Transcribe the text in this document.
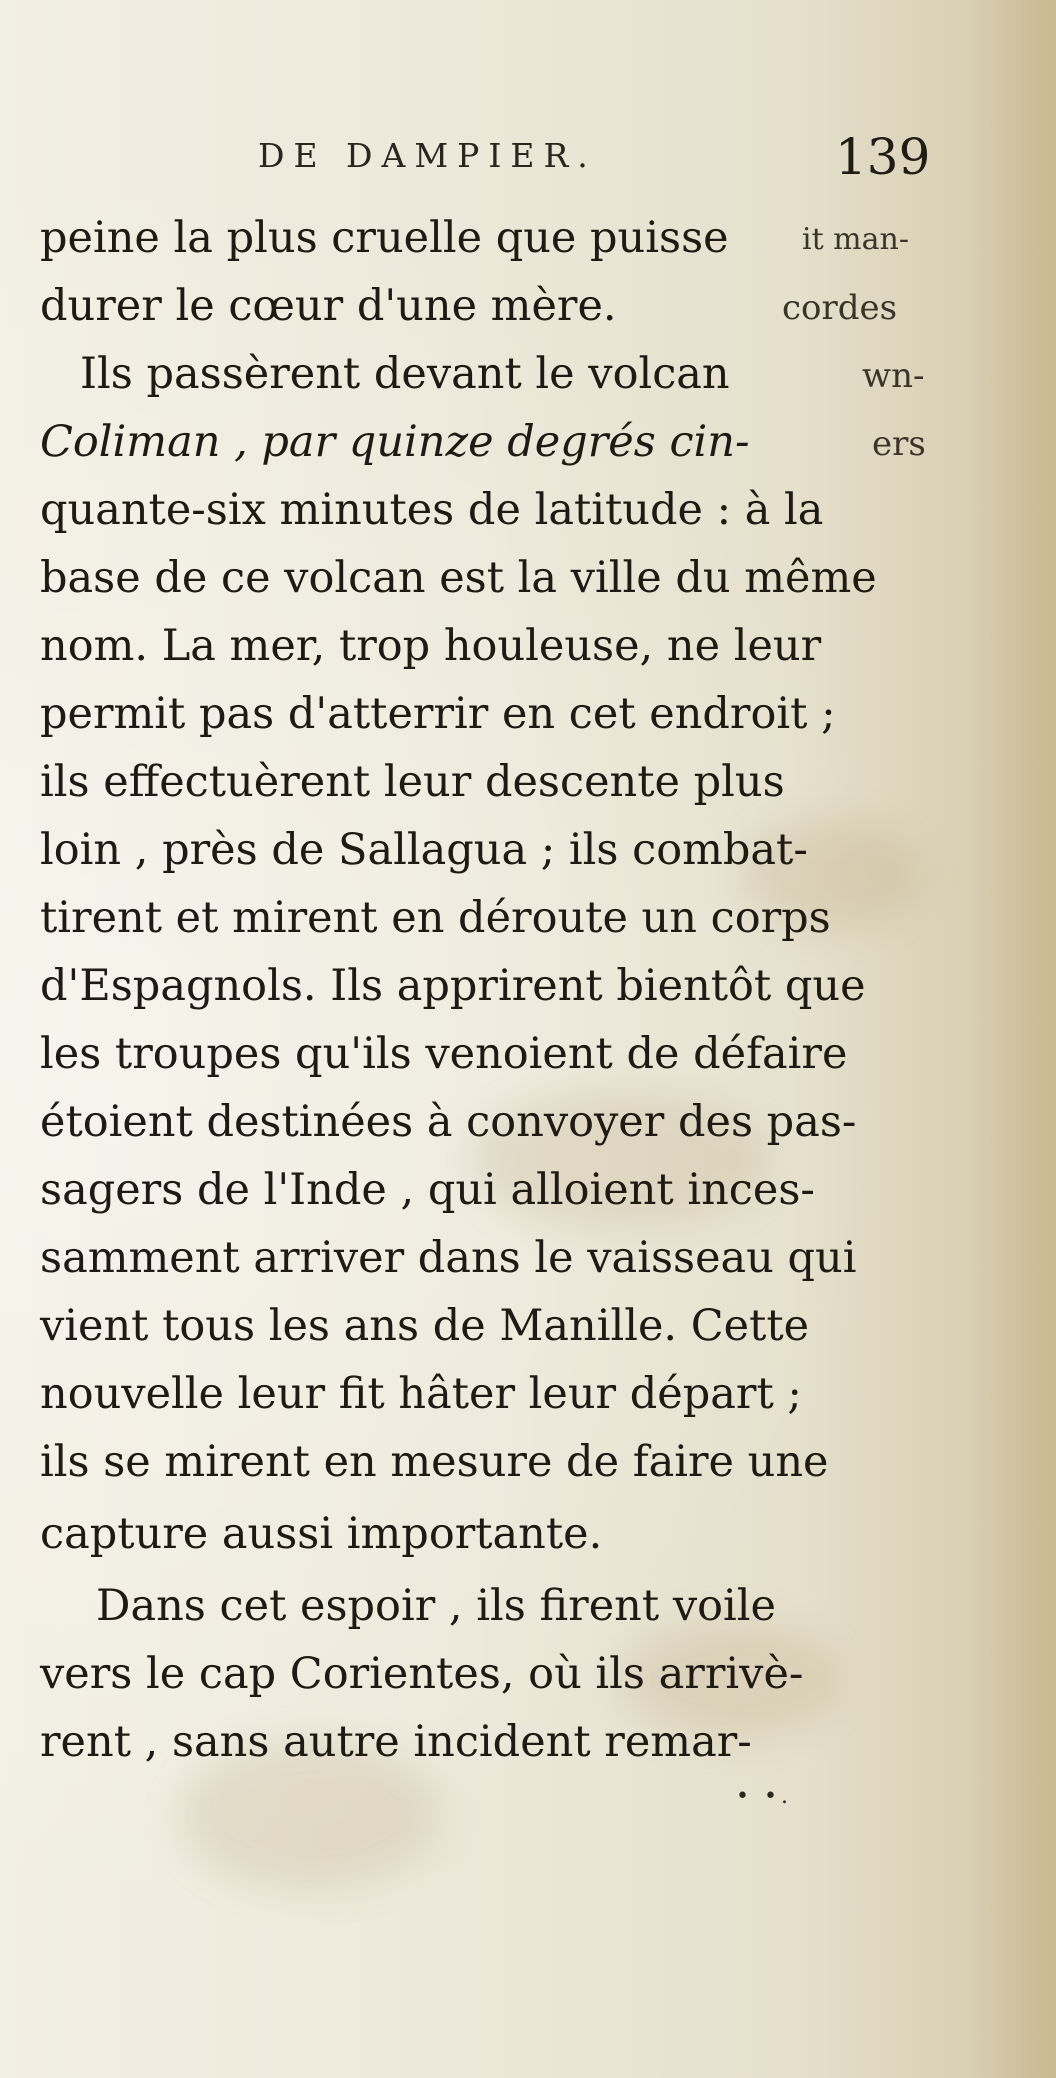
DE DAMPIER.	139
it man-
cordes
wn-
ers
peine la plus cruelle que puisse
durer le cœur d'une mère.
Ils passèrent devant le volcan
Coliman , par quinze degrés cin-
quante-six minutes de latitude : à la
base de ce volcan est la ville du même
nom. La mer, trop houleuse, ne leur
permit pas d'atterrir en cet endroit ;
ils effectuèrent leur descente plus
loin , près de Sallagua ; ils combat-
tirent et mirent en déroute un corps
d'Espagnols. Ils apprirent bientôt que
les troupes qu'ils venoient de défaire
étoient destinées à convoyer des pas-
sagers de l'Inde , qui alloient inces-
samment arriver dans le vaisseau qui
vient tous les ans de Manille. Cette
nouvelle leur fit hâter leur départ ;
ils se mirent en mesure de faire une
capture aussi importante.
Dans cet espoir , ils firent voile
vers le cap Corientes, où ils arrivè-
rent , sans autre incident remar-
• •.
